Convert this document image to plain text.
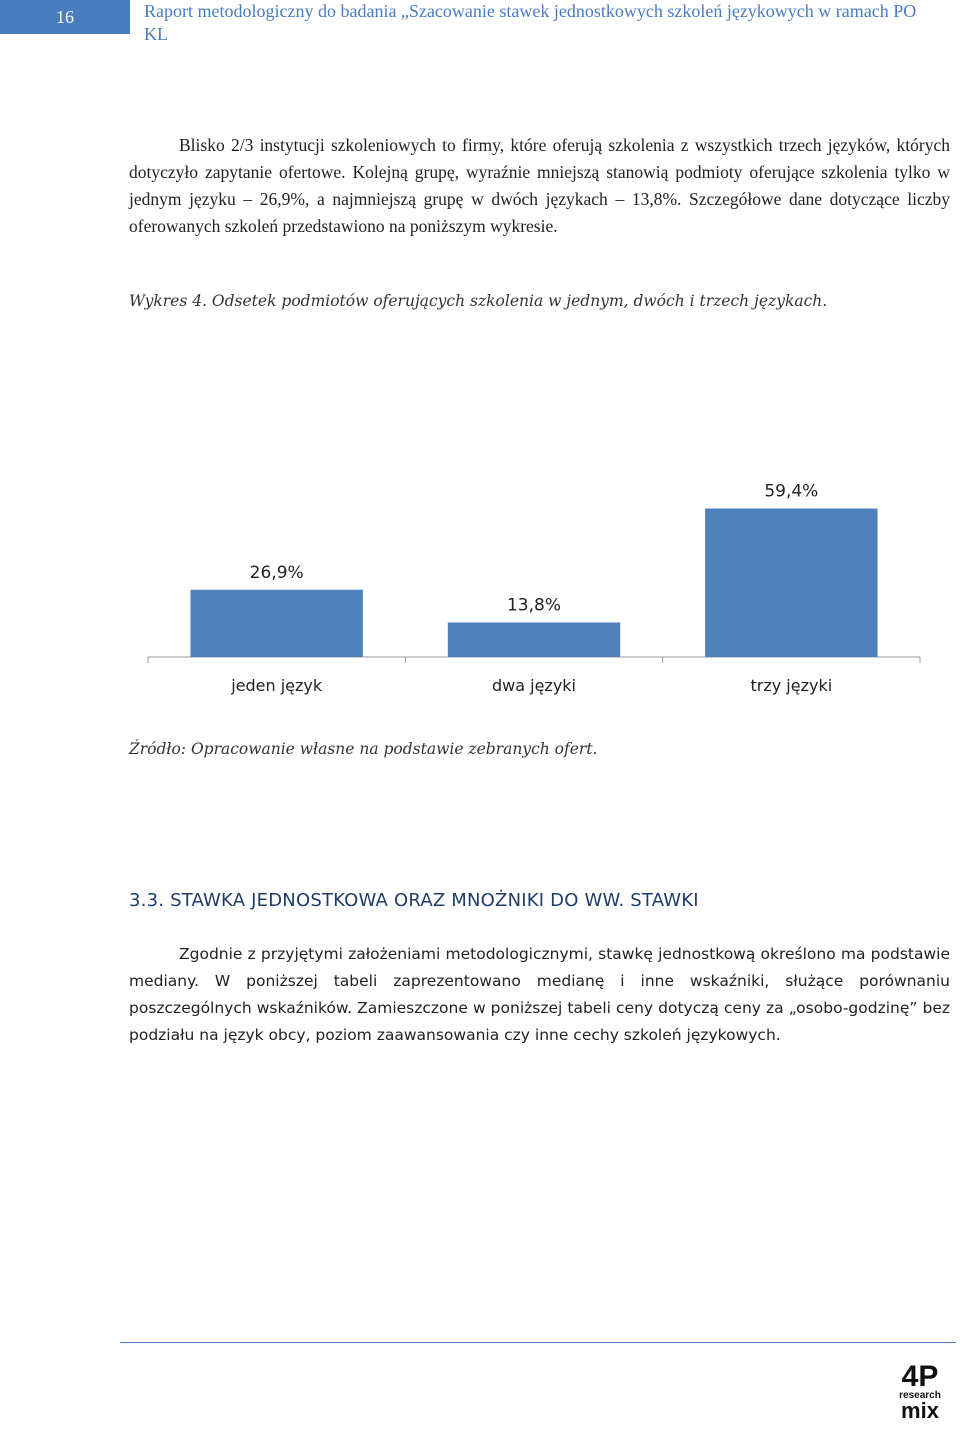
16	Raport metodologiczny do badania „Szacowanie stawek jednostkowych szkoleń językowych w ramach PO KL

Blisko 2/3 instytucji szkoleniowych to firmy, które oferują szkolenia z wszystkich trzech języków, których dotyczyło zapytanie ofertowe. Kolejną grupę, wyraźnie mniejszą stanowią podmioty oferujące szkolenia tylko w jednym języku – 26,9%, a najmniejszą grupę w dwóch językach – 13,8%. Szczegółowe dane dotyczące liczby oferowanych szkoleń przedstawiono na poniższym wykresie.

Wykres 4. Odsetek podmiotów oferujących szkolenia w jednym, dwóch i trzech językach.

26,9%
jeden język
13,8%
dwa języki
59,4%
trzy języki

Źródło: Opracowanie własne na podstawie zebranych ofert.

3.3. STAWKA JEDNOSTKOWA ORAZ MNOŻNIKI DO WW. STAWKI

Zgodnie z przyjętymi założeniami metodologicznymi, stawkę jednostkową określono ma podstawie mediany. W poniższej tabeli zaprezentowano medianę i inne wskaźniki, służące porównaniu poszczególnych wskaźników. Zamieszczone w poniższej tabeli ceny dotyczą ceny za „osobo-godzinę” bez podziału na język obcy, poziom zaawansowania czy inne cechy szkoleń językowych.

4P
research
mix
